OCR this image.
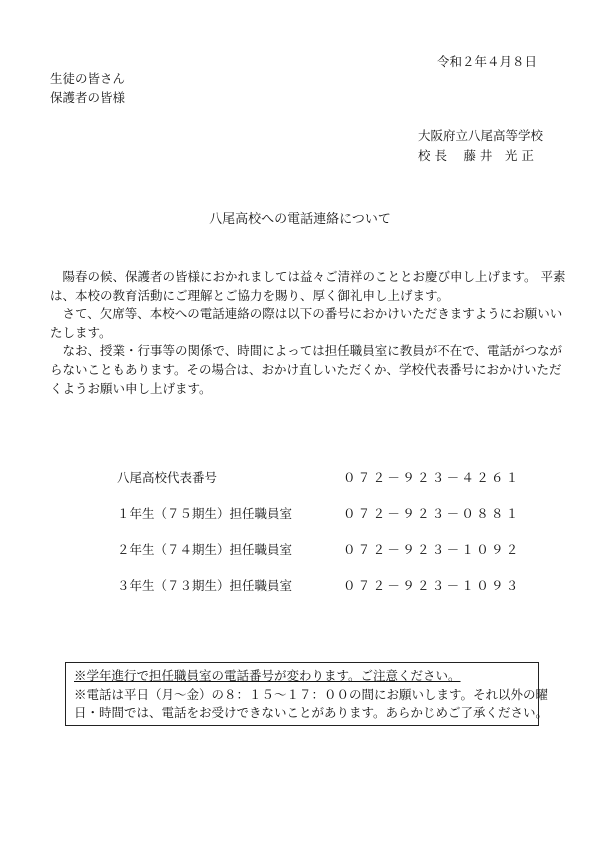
令和２年４月８日
生徒の皆さん
保護者の皆様
大阪府立八尾高等学校
校 長　 藤 井　光 正
八尾高校への電話連絡について

陽春の候、保護者の皆様におかれましては益々ご清祥のこととお慶び申し上げます。 平素
は、本校の教育活動にご理解とご協力を賜り、厚く御礼申し上げます。

さて、欠席等、本校への電話連絡の際は以下の番号におかけいただきますようにお願いい
たします。

なお、授業・行事等の関係で、時間によっては担任職員室に教員が不在で、電話がつなが
らないこともあります。その場合は、おかけ直しいただくか、学校代表番号におかけいただ
くようお願い申し上げます。

八尾高校代表番号	０７２－９２３－４２６１
１年生（７５期生）担任職員室	０７２－９２３－０８８１
２年生（７４期生）担任職員室	０７２－９２３－１０９２
３年生（７３期生）担任職員室	０７２－９２３－１０９３
※学年進行で担任職員室の電話番号が変わります。ご注意ください。
※電話は平日（月～金）の８：１５～１７：００の間にお願いします。それ以外の曜
日・時間では、電話をお受けできないことがあります。あらかじめご了承ください。
